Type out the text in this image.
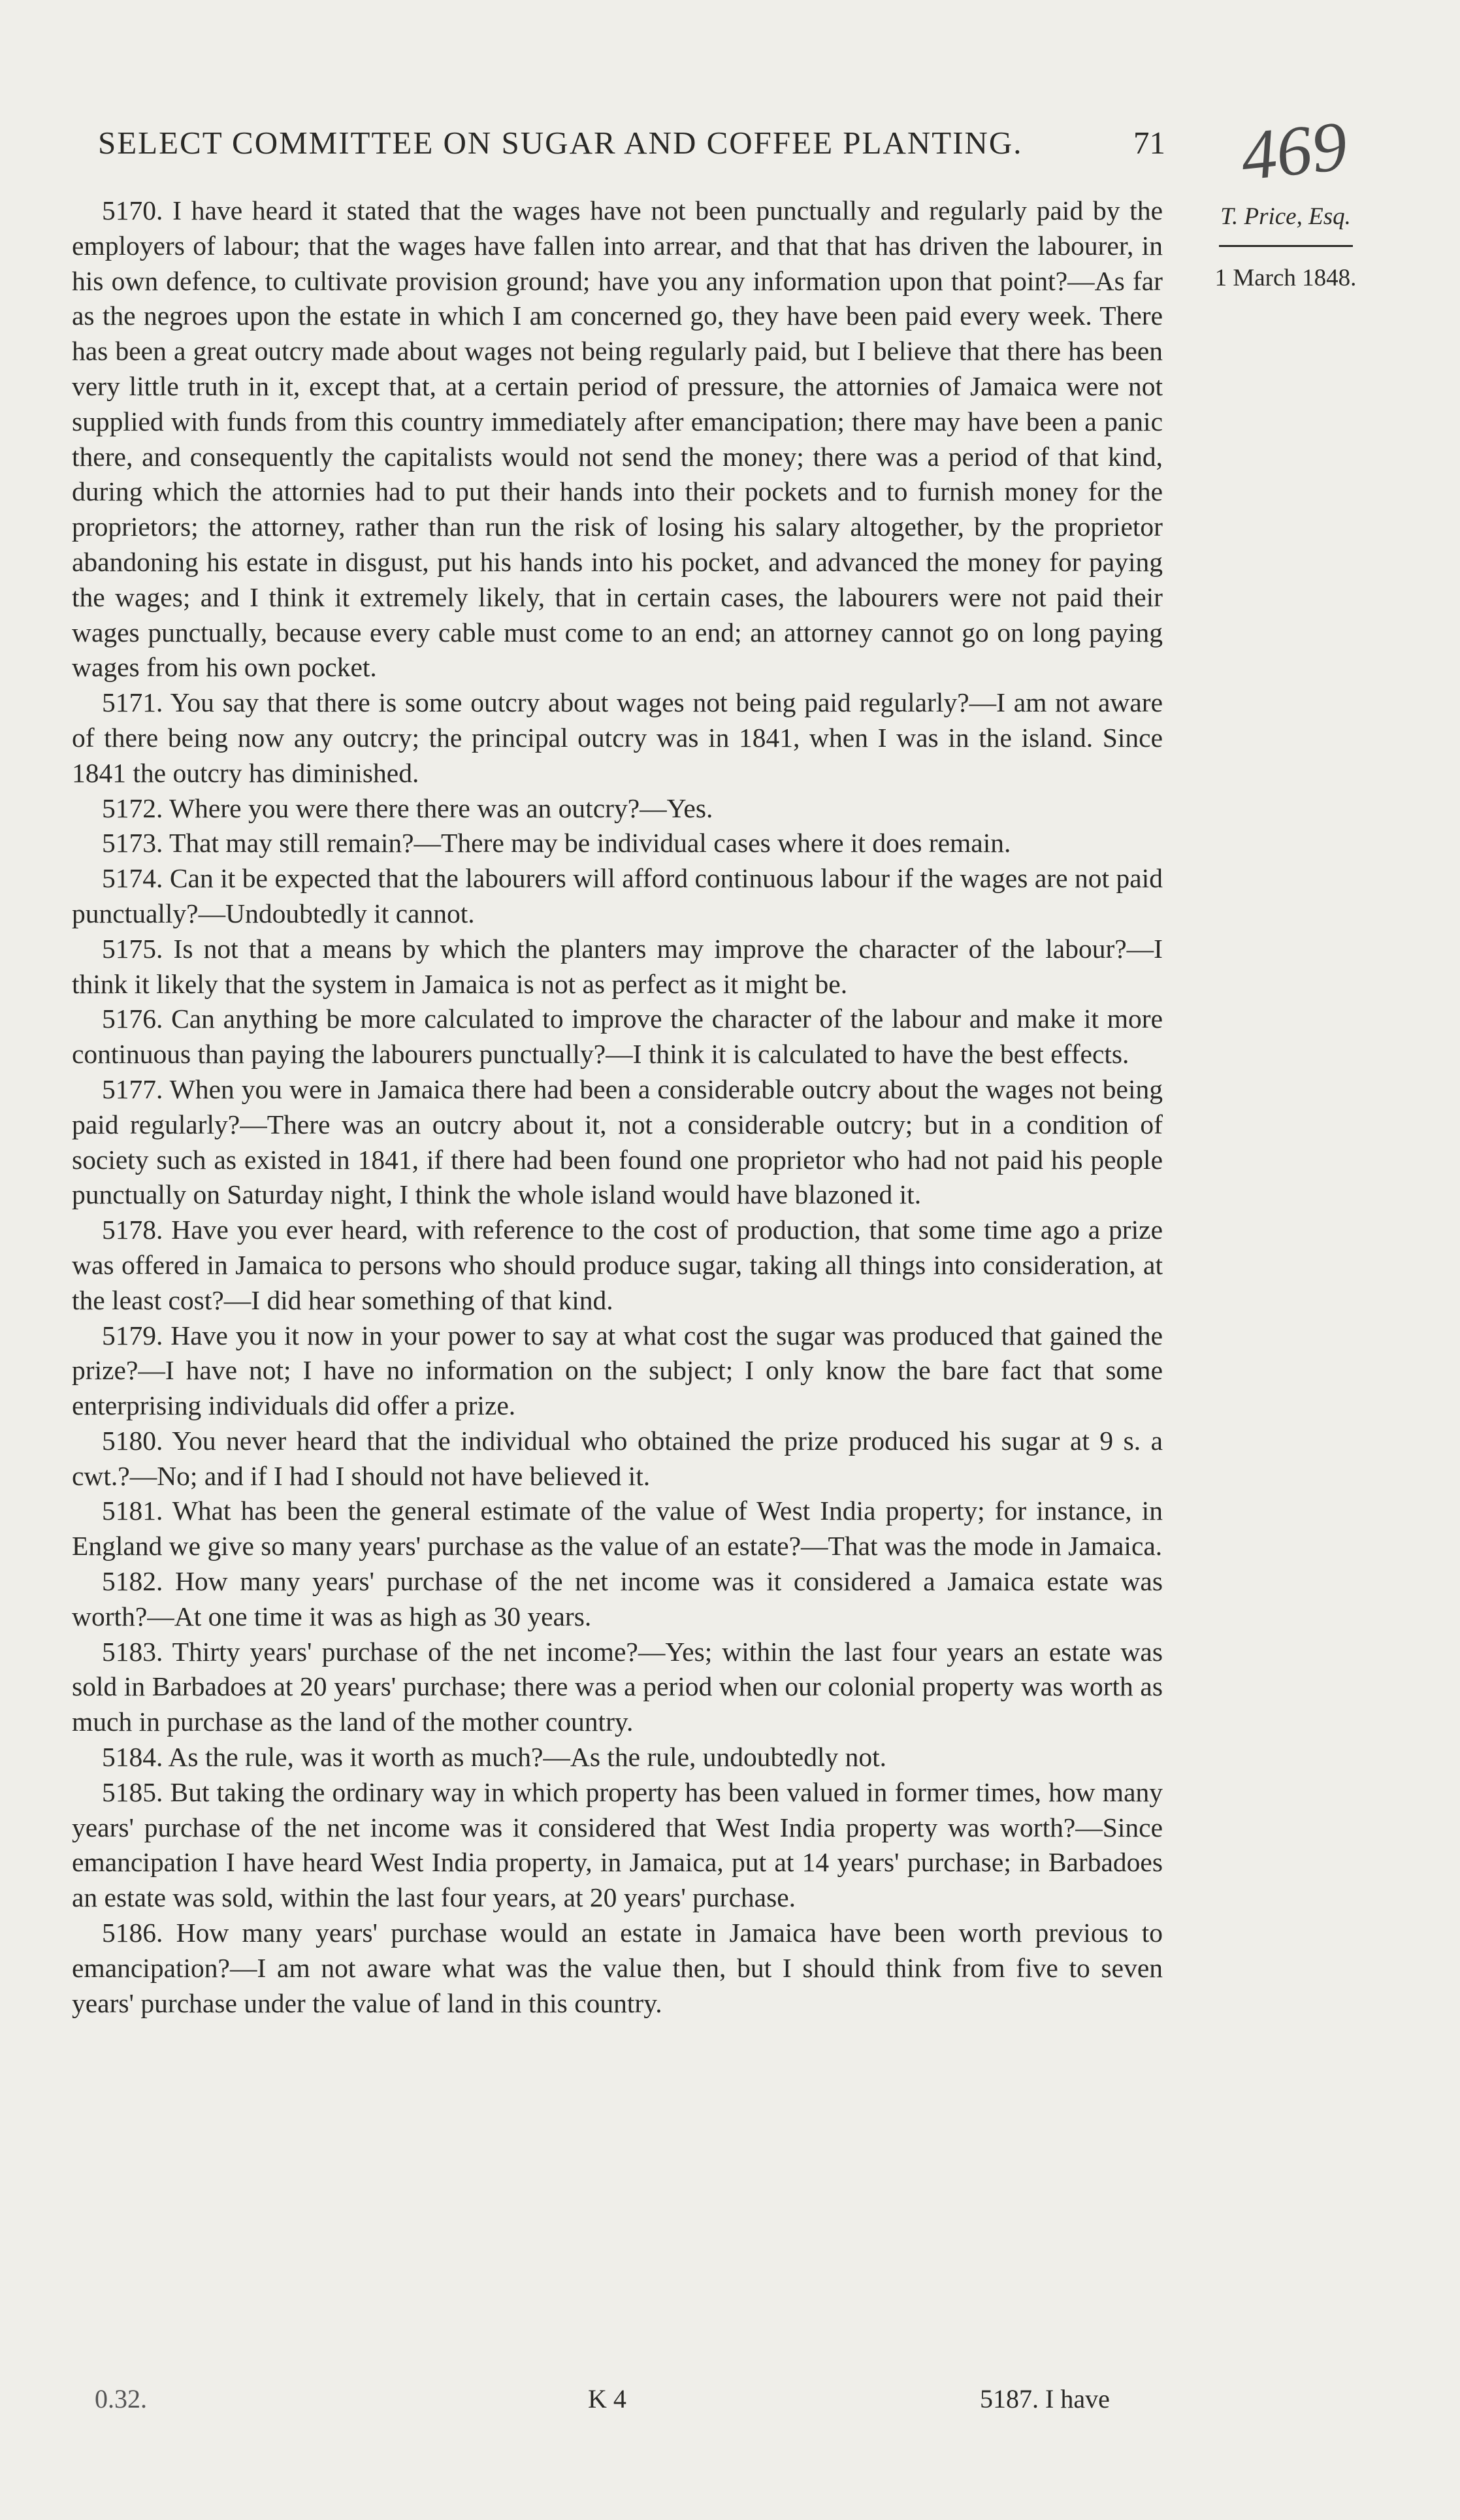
SELECT COMMITTEE ON SUGAR AND COFFEE PLANTING.	71 469
T. Price, Esq.
1 March 1848.

5170. I have heard it stated that the wages have not been punctually and regularly paid by the employers of labour; that the wages have fallen into arrear, and that that has driven the labourer, in his own defence, to cultivate provision ground; have you any information upon that point?—As far as the negroes upon the estate in which I am concerned go, they have been paid every week. There has been a great outcry made about wages not being regularly paid, but I believe that there has been very little truth in it, except that, at a certain period of pressure, the attornies of Jamaica were not supplied with funds from this country immediately after emancipation; there may have been a panic there, and consequently the capitalists would not send the money; there was a period of that kind, during which the attornies had to put their hands into their pockets and to furnish money for the proprietors; the attorney, rather than run the risk of losing his salary altogether, by the proprietor abandoning his estate in disgust, put his hands into his pocket, and advanced the money for paying the wages; and I think it extremely likely, that in certain cases, the labourers were not paid their wages punctually, because every cable must come to an end; an attorney cannot go on long paying wages from his own pocket.

5171. You say that there is some outcry about wages not being paid regularly?—I am not aware of there being now any outcry; the principal outcry was in 1841, when I was in the island. Since 1841 the outcry has diminished.

5172. Where you were there there was an outcry?—Yes.

5173. That may still remain?—There may be individual cases where it does remain.

5174. Can it be expected that the labourers will afford continuous labour if the wages are not paid punctually?—Undoubtedly it cannot.

5175. Is not that a means by which the planters may improve the character of the labour?—I think it likely that the system in Jamaica is not as perfect as it might be.

5176. Can anything be more calculated to improve the character of the labour and make it more continuous than paying the labourers punctually?—I think it is calculated to have the best effects.

5177. When you were in Jamaica there had been a considerable outcry about the wages not being paid regularly?—There was an outcry about it, not a considerable outcry; but in a condition of society such as existed in 1841, if there had been found one proprietor who had not paid his people punctually on Saturday night, I think the whole island would have blazoned it.

5178. Have you ever heard, with reference to the cost of production, that some time ago a prize was offered in Jamaica to persons who should produce sugar, taking all things into consideration, at the least cost?—I did hear something of that kind.

5179. Have you it now in your power to say at what cost the sugar was produced that gained the prize?—I have not; I have no information on the subject; I only know the bare fact that some enterprising individuals did offer a prize.

5180. You never heard that the individual who obtained the prize produced his sugar at 9 s. a cwt.?—No; and if I had I should not have believed it.

5181. What has been the general estimate of the value of West India property; for instance, in England we give so many years' purchase as the value of an estate?—That was the mode in Jamaica.

5182. How many years' purchase of the net income was it considered a Jamaica estate was worth?—At one time it was as high as 30 years.

5183. Thirty years' purchase of the net income?—Yes; within the last four years an estate was sold in Barbadoes at 20 years' purchase; there was a period when our colonial property was worth as much in purchase as the land of the mother country.

5184. As the rule, was it worth as much?—As the rule, undoubtedly not.

5185. But taking the ordinary way in which property has been valued in former times, how many years' purchase of the net income was it considered that West India property was worth?—Since emancipation I have heard West India property, in Jamaica, put at 14 years' purchase; in Barbadoes an estate was sold, within the last four years, at 20 years' purchase.

5186. How many years' purchase would an estate in Jamaica have been worth previous to emancipation?—I am not aware what was the value then, but I should think from five to seven years' purchase under the value of land in this country.

0.32.	K 4	5187. I have
